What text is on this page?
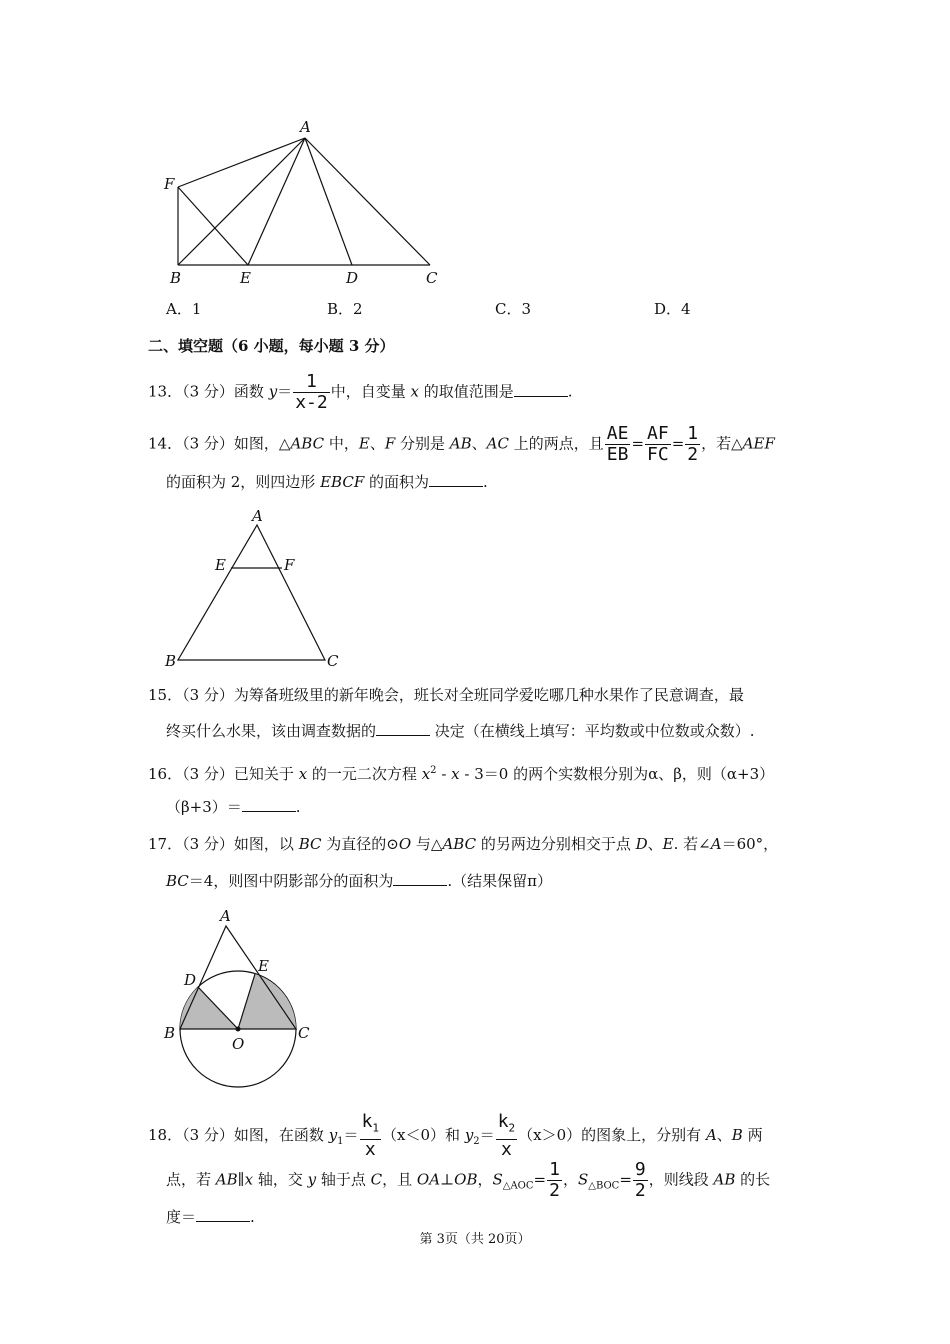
A
F
B	E	D	C
A．1	B．2	C．3	D．4
二、填空题（6 小题，每小题 3 分）
13．（3 分）函数 $y= \frac{1}{x-2}$ 中，自变量 x 的取值范围是	.
14．（3 分）如图，△ABC 中，E、F 分别是 AB、AC 上的两点，且 $\frac{AE}{EB} = \frac{AF}{FC} = \frac{1}{2}$ ，若△AEF
的面积为 2，则四边形 EBCF 的面积为	.
A
E	F
B	C
15．（3 分）为筹备班级里的新年晚会，班长对全班同学爱吃哪几种水果作了民意调查，最
终买什么水果，该由调查数据的	决定（在横线上填写：平均数或中位数或众数）.
16．（3 分）已知关于 x 的一元二次方程 $x^2 - x - 3=0$ 的两个实数根分别为α、β，则（α+3）
（β+3）＝	.
17．（3 分）如图，以 BC 为直径的⊙O 与△ABC 的另两边分别相交于点 D、E. 若∠A＝60°，
BC＝4，则图中阴影部分的面积为	.（结果保留π）
A
D
E
B
O
C
18．（3 分）如图，在函数 $y_1= \frac{k_1}{x} (x<0)$和 $y_2= \frac{k_2}{x} (x>0)$的图象上，分别有 A、B 两
点，若 AB∥x 轴，交 y 轴于点 C，且 OA⊥OB，$S_{\triangle AOC}= \frac{1}{2}$ ，$S_{\triangle BOC}= \frac{9}{2}$ ，则线段 AB 的长
度＝	.
第 3页（共 20页）
